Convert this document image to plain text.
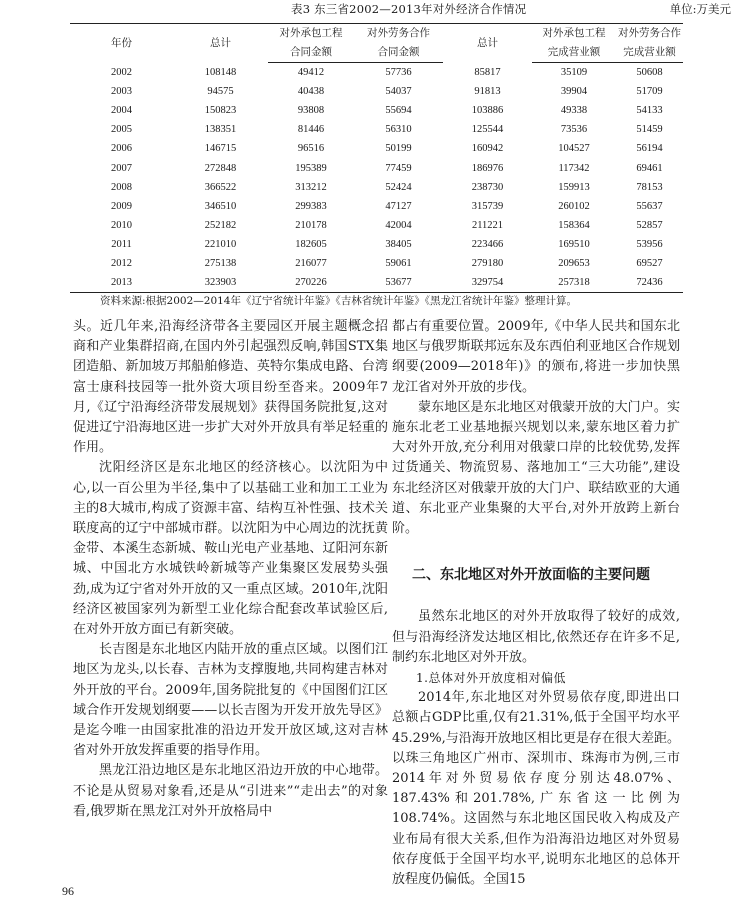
表3 东三省2002—2013年对外经济合作情况	单位:万美元
年份	总计	对外承包工程	对外劳务合作	总计	对外承包工程	对外劳务合作
		合同金额	合同金额		完成营业额	完成营业额
2002	108148	49412	57736	85817	35109	50608
2003	94575	40438	54037	91813	39904	51709
2004	150823	93808	55694	103886	49338	54133
2005	138351	81446	56310	125544	73536	51459
2006	146715	96516	50199	160942	104527	56194
2007	272848	195389	77459	186976	117342	69461
2008	366522	313212	52424	238730	159913	78153
2009	346510	299383	47127	315739	260102	55637
2010	252182	210178	42004	211221	158364	52857
2011	221010	182605	38405	223466	169510	53956
2012	275138	216077	59061	279180	209653	69527
2013	323903	270226	53677	329754	257318	72436
资料来源:根据2002—2014年《辽宁省统计年鉴》《吉林省统计年鉴》《黑龙江省统计年鉴》整理计算。

头。近几年来,沿海经济带各主要园区开展主题概念招商和产业集群招商,在国内外引起强烈反响,韩国STX集团造船、新加坡万邦船舶修造、英特尔集成电路、台湾富士康科技园等一批外资大项目纷至沓来。2009年7月,《辽宁沿海经济带发展规划》获得国务院批复,这对促进辽宁沿海地区进一步扩大对外开放具有举足轻重的作用。

沈阳经济区是东北地区的经济核心。以沈阳为中心,以一百公里为半径,集中了以基础工业和加工工业为主的8大城市,构成了资源丰富、结构互补性强、技术关联度高的辽宁中部城市群。以沈阳为中心周边的沈抚黄金带、本溪生态新城、鞍山光电产业基地、辽阳河东新城、中国北方水城铁岭新城等产业集聚区发展势头强劲,成为辽宁省对外开放的又一重点区域。2010年,沈阳经济区被国家列为新型工业化综合配套改革试验区后,在对外开放方面已有新突破。

长吉图是东北地区内陆开放的重点区域。以图们江地区为龙头,以长春、吉林为支撑腹地,共同构建吉林对外开放的平台。2009年,国务院批复的《中国图们江区域合作开发规划纲要——以长吉图为开发开放先导区》是迄今唯一由国家批准的沿边开发开放区域,这对吉林省对外开放发挥重要的指导作用。

黑龙江沿边地区是东北地区沿边开放的中心地带。不论是从贸易对象看,还是从“引进来”“走出去”的对象看,俄罗斯在黑龙江对外开放格局中

都占有重要位置。2009年,《中华人民共和国东北地区与俄罗斯联邦远东及东西伯利亚地区合作规划纲要(2009—2018年)》的颁布,将进一步加快黑龙江省对外开放的步伐。

蒙东地区是东北地区对俄蒙开放的大门户。实施东北老工业基地振兴规划以来,蒙东地区着力扩大对外开放,充分利用对俄蒙口岸的比较优势,发挥过货通关、物流贸易、落地加工“三大功能”,建设东北经济区对俄蒙开放的大门户、联结欧亚的大通道、东北亚产业集聚的大平台,对外开放跨上新台阶。

二、东北地区对外开放面临的主要问题

虽然东北地区的对外开放取得了较好的成效,但与沿海经济发达地区相比,依然还存在许多不足,制约东北地区对外开放。

1.总体对外开放度相对偏低

2014年,东北地区对外贸易依存度,即进出口总额占GDP比重,仅有21.31%,低于全国平均水平45.29%,与沿海开放地区相比更是存在很大差距。以珠三角地区广州市、深圳市、珠海市为例,三市2014年对外贸易依存度分别达48.07%、187.43%和201.78%,广东省这一比例为108.74%。这固然与东北地区国民收入构成及产业布局有很大关系,但作为沿海沿边地区对外贸易依存度低于全国平均水平,说明东北地区的总体开放程度仍偏低。全国15

96
